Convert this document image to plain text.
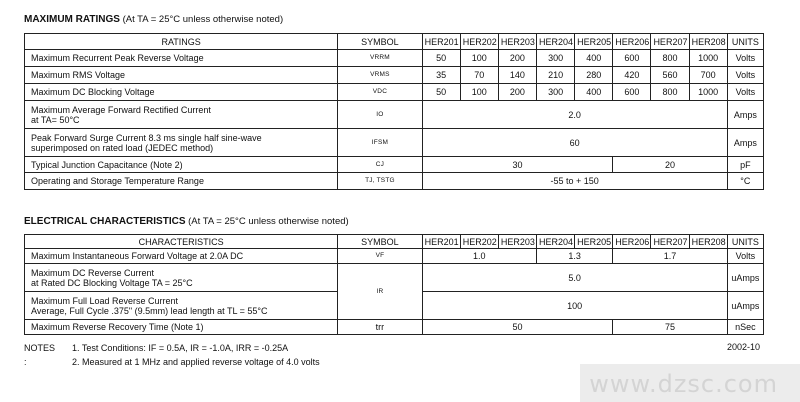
MAXIMUM RATINGS (At TA = 25°C unless otherwise noted)
RATINGS	SYMBOL	HER201	HER202	HER203	HER204	HER205	HER206	HER207	HER208	UNITS
Maximum Recurrent Peak Reverse Voltage	VRRM	50	100	200	300	400	600	800	1000	Volts
Maximum RMS Voltage	VRMS	35	70	140	210	280	420	560	700	Volts
Maximum DC Blocking Voltage	VDC	50	100	200	300	400	600	800	1000	Volts

Maximum Average Forward Rectified Current
at TA= 50°C	IO	2.0								Amps

Peak Forward Surge Current 8.3 ms single half sine-wave
superimposed on rated load (JEDEC method)	IFSM	60								Amps
Typical Junction Capacitance (Note 2)	CJ	30					20			pF
Operating and Storage Temperature Range	TJ, TSTG	-55 to + 150								°C
ELECTRICAL CHARACTERISTICS (At TA = 25°C unless otherwise noted)
CHARACTERISTICS	SYMBOL	HER201	HER202	HER203	HER204	HER205	HER206	HER207	HER208	UNITS
Maximum Instantaneous Forward Voltage at 2.0A DC	VF	1.0			1.3		1.7			Volts

Maximum DC Reverse Current
at Rated DC Blocking Voltage TA = 25°C	IR	5.0								uAmps

Maximum Full Load Reverse Current
Average, Full Cycle .375" (9.5mm) lead length at TL = 55°C		100								uAmps
Maximum Reverse Recovery Time (Note 1)	trr	50					75			nSec
NOTES :
1. Test Conditions: IF = 0.5A, IR = -1.0A, IRR = -0.25A
2. Measured at 1 MHz and applied reverse voltage of 4.0 volts
2002-10
www.dzsc.com
